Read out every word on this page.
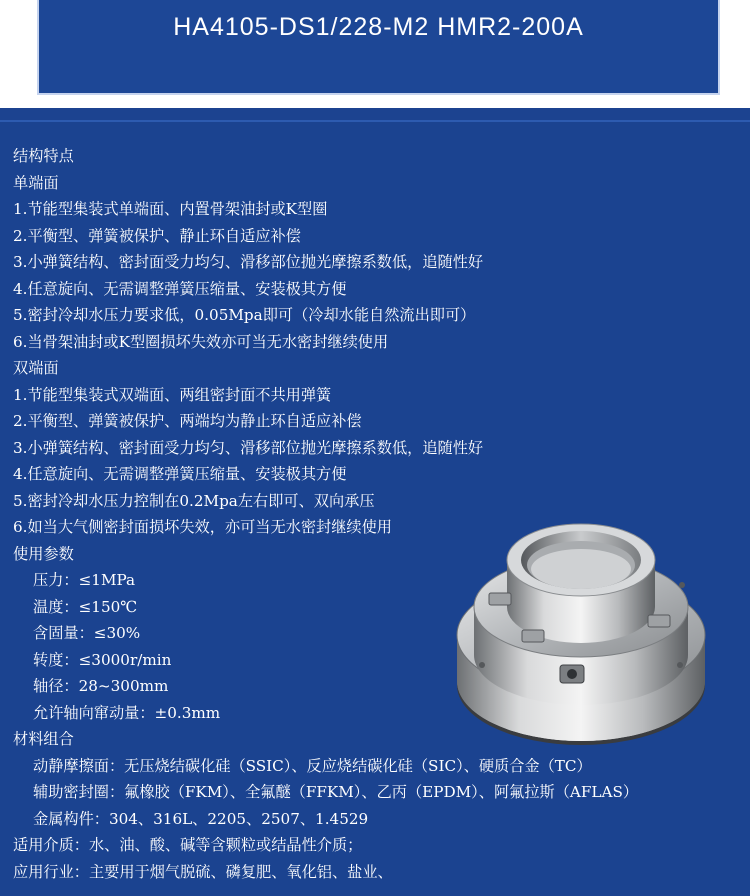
HA4105-DS1/228-M2 HMR2-200A
结构特点
单端面
1.节能型集装式单端面、内置骨架油封或K型圈
2.平衡型、弹簧被保护、静止环自适应补偿
3.小弹簧结构、密封面受力均匀、滑移部位抛光摩擦系数低，追随性好
4.任意旋向、无需调整弹簧压缩量、安装极其方便
5.密封冷却水压力要求低，0.05Mpa即可（冷却水能自然流出即可）
6.当骨架油封或K型圈损坏失效亦可当无水密封继续使用
双端面
1.节能型集装式双端面、两组密封面不共用弹簧
2.平衡型、弹簧被保护、两端均为静止环自适应补偿
3.小弹簧结构、密封面受力均匀、滑移部位抛光摩擦系数低，追随性好
4.任意旋向、无需调整弹簧压缩量、安装极其方便
5.密封冷却水压力控制在0.2Mpa左右即可、双向承压
6.如当大气侧密封面损坏失效，亦可当无水密封继续使用
使用参数
压力：≤1MPa
温度：≤150℃
含固量：≤30%
转度：≤3000r/min
轴径：28~300mm
允许轴向窜动量：±0.3mm
材料组合
动静摩擦面：无压烧结碳化硅（SSIC）、反应烧结碳化硅（SIC）、硬质合金（TC）
辅助密封圈：氟橡胶（FKM）、全氟醚（FFKM）、乙丙（EPDM）、阿氟拉斯（AFLAS）
金属构件：304、316L、2205、2507、1.4529
适用介质：水、油、酸、碱等含颗粒或结晶性介质；
应用行业：主要用于烟气脱硫、磷复肥、氧化铝、盐业、
